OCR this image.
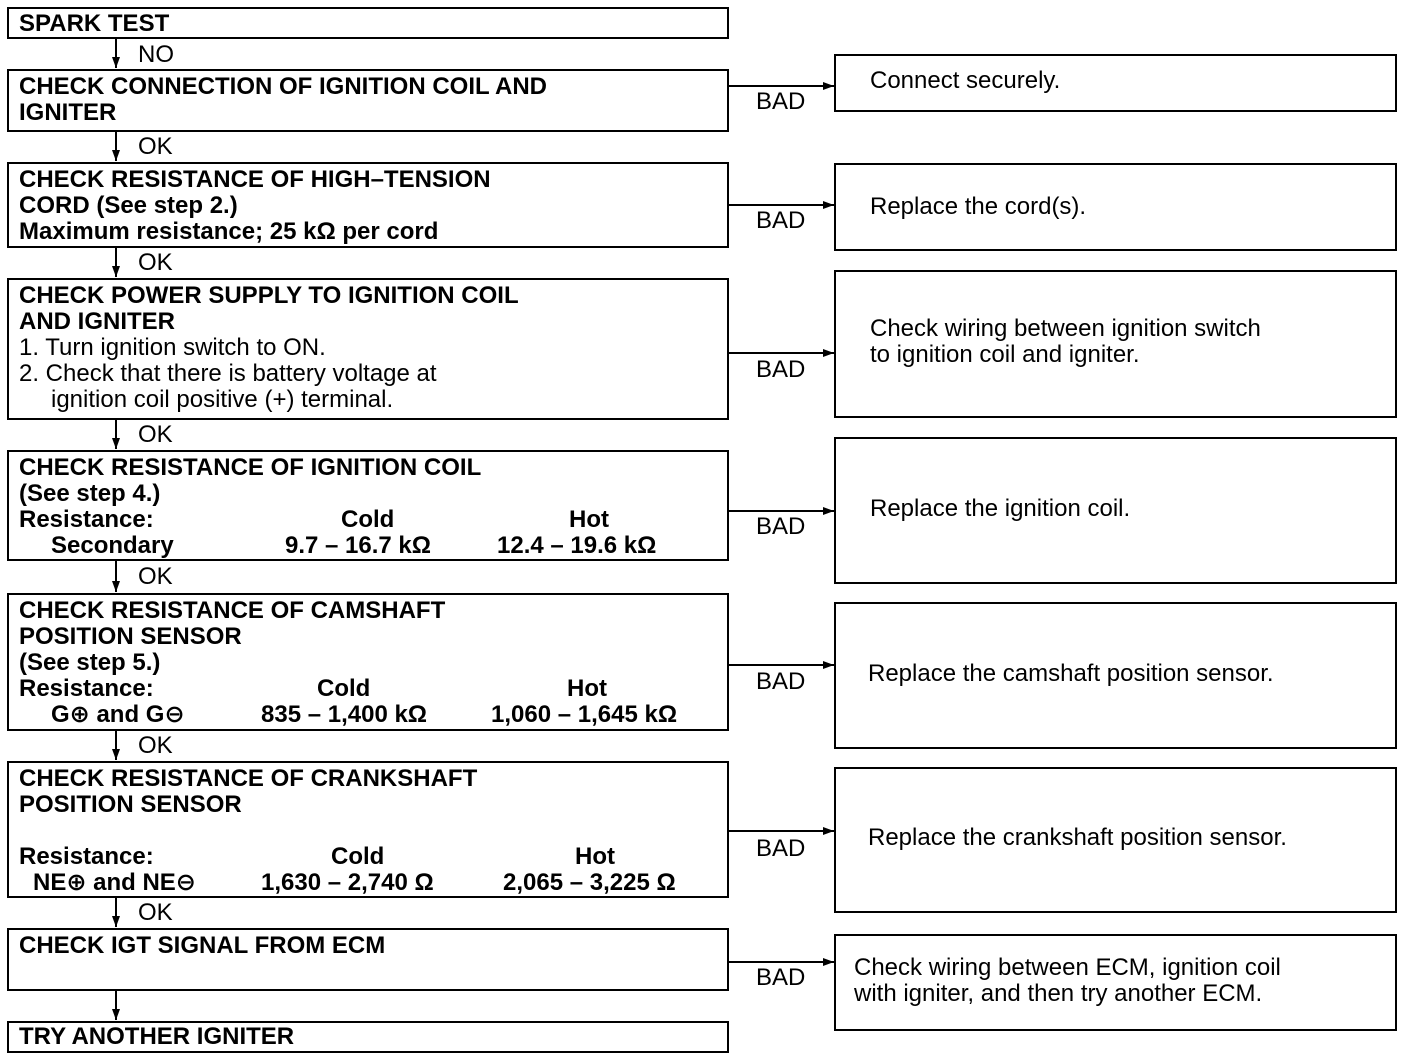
NO
OK
OK
OK
OK
OK
OK
BAD
BAD
BAD
BAD
BAD
BAD
BAD
SPARK TEST
CHECK CONNECTION OF IGNITION COIL AND
IGNITER
Connect securely.
CHECK RESISTANCE OF HIGH–TENSION
CORD (See step 2.)
Maximum resistance; 25 kΩ per cord
Replace the cord(s).
CHECK POWER SUPPLY TO IGNITION COIL
AND IGNITER
1. Turn ignition switch to ON.
2. Check that there is battery voltage at
ignition coil positive (+) terminal.
Check wiring between ignition switch
to ignition coil and igniter.
CHECK RESISTANCE OF IGNITION COIL
(See step 4.)
Resistance:	Cold	Hot
Secondary	9.7 – 16.7 kΩ	12.4 – 19.6 kΩ
Replace the ignition coil.
CHECK RESISTANCE OF CAMSHAFT
POSITION SENSOR
(See step 5.)
Resistance:	Cold	Hot
G⊕ and G⊖	835 – 1,400 kΩ	1,060 – 1,645 kΩ
Replace the camshaft position sensor.
CHECK RESISTANCE OF CRANKSHAFT
POSITION SENSOR
Resistance:	Cold	Hot
NE⊕ and NE⊖	1,630 – 2,740 Ω	2,065 – 3,225 Ω
Replace the crankshaft position sensor.
CHECK IGT SIGNAL FROM ECM
Check wiring between ECM, ignition coil
with igniter, and then try another ECM.
TRY ANOTHER IGNITER
